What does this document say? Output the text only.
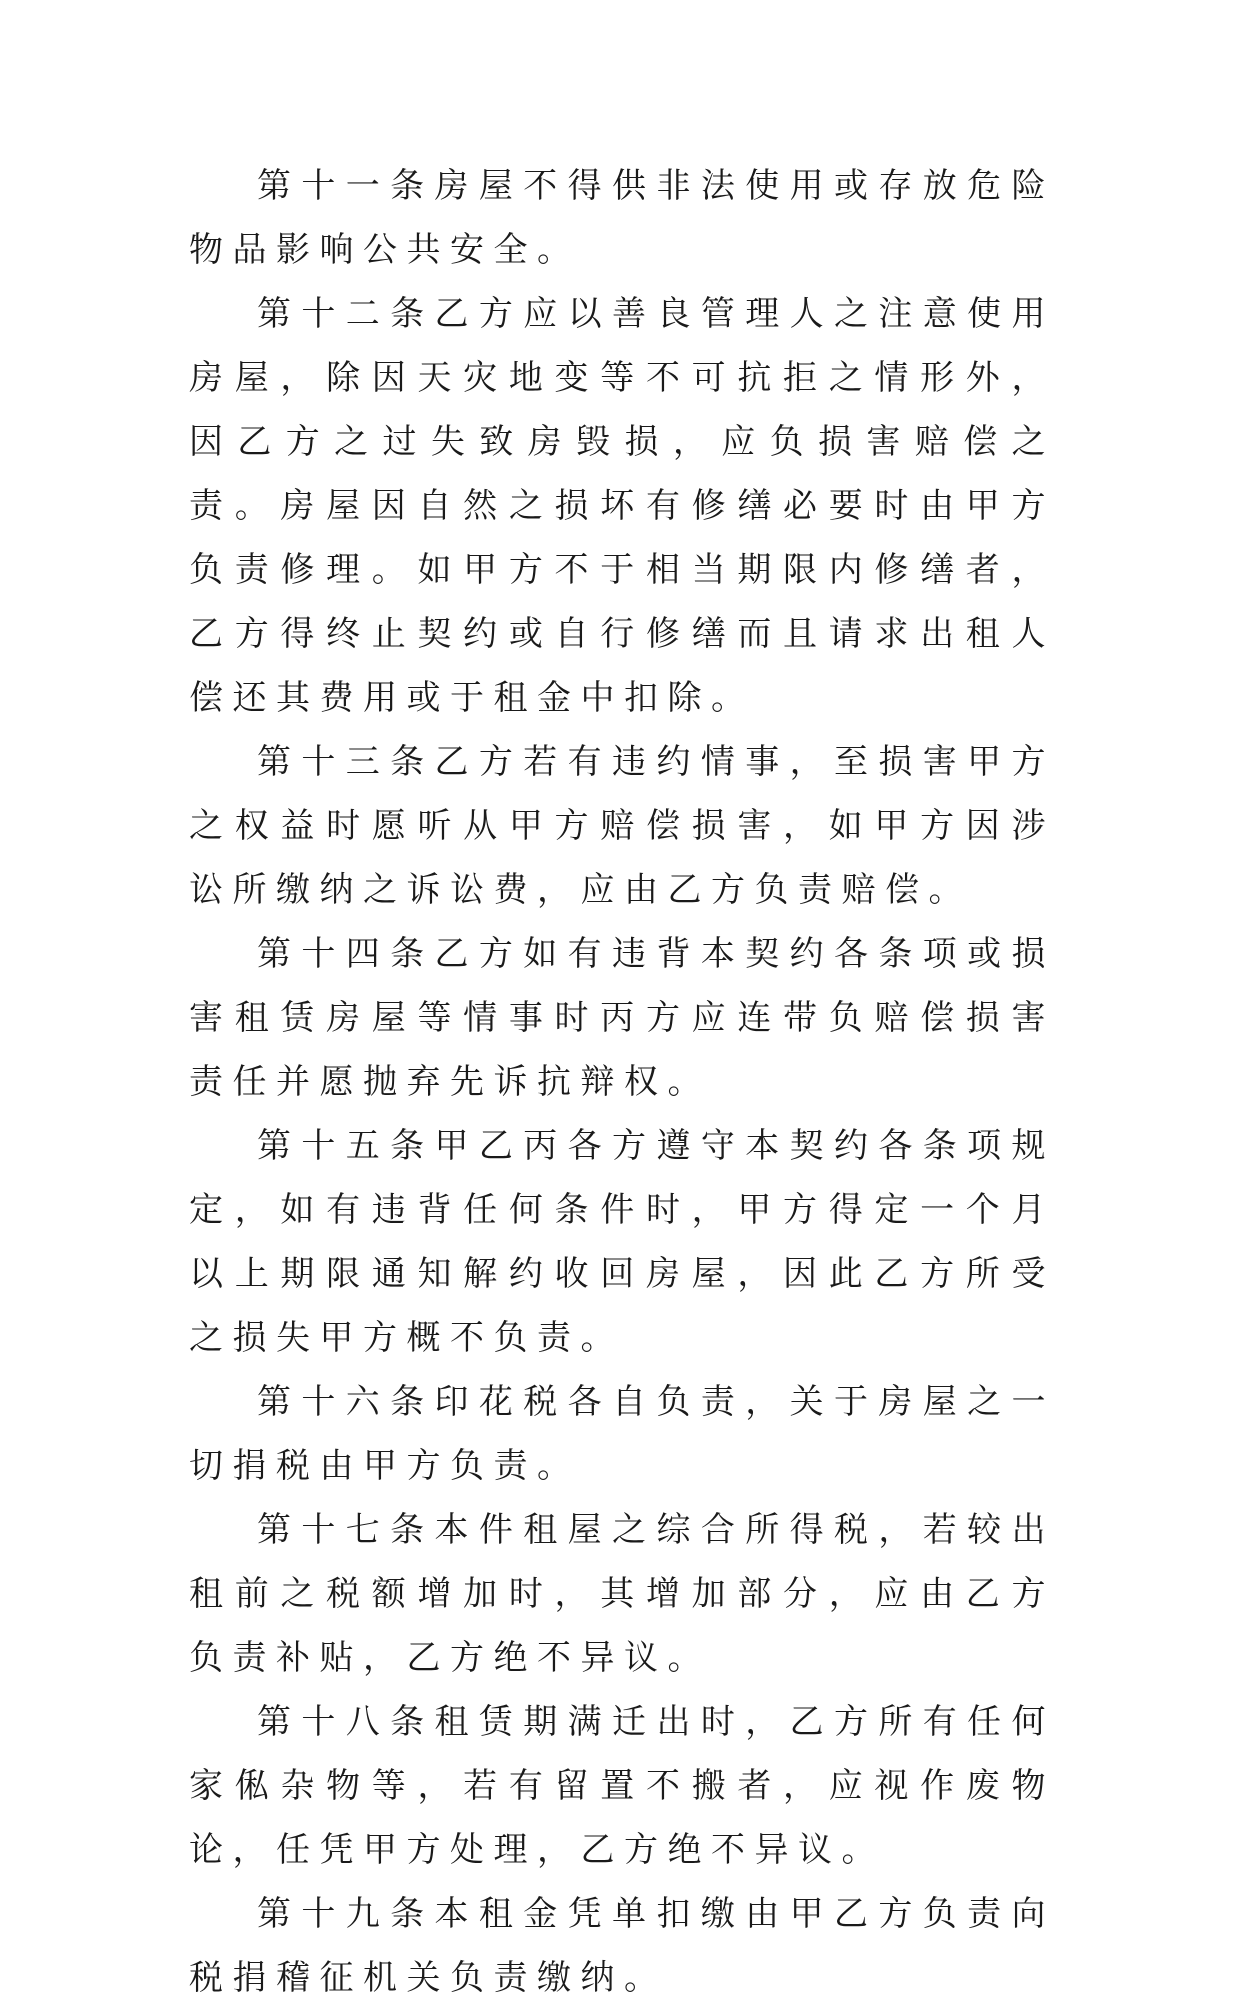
第十一条房屋不得供非法使用或存放危险物品影响公共安全。

第十二条乙方应以善良管理人之注意使用房屋，除因天灾地变等不可抗拒之情形外，因乙方之过失致房毁损，应负损害赔偿之责。房屋因自然之损坏有修缮必要时由甲方负责修理。如甲方不于相当期限内修缮者，乙方得终止契约或自行修缮而且请求出租人偿还其费用或于租金中扣除。

第十三条乙方若有违约情事，至损害甲方之权益时愿听从甲方赔偿损害，如甲方因涉讼所缴纳之诉讼费，应由乙方负责赔偿。

第十四条乙方如有违背本契约各条项或损害租赁房屋等情事时丙方应连带负赔偿损害责任并愿抛弃先诉抗辩权。

第十五条甲乙丙各方遵守本契约各条项规定，如有违背任何条件时，甲方得定一个月以上期限通知解约收回房屋，因此乙方所受之损失甲方概不负责。

第十六条印花税各自负责，关于房屋之一切捐税由甲方负责。

第十七条本件租屋之综合所得税，若较出租前之税额增加时，其增加部分，应由乙方负责补贴，乙方绝不异议。

第十八条租赁期满迁出时，乙方所有任何家俬杂物等，若有留置不搬者，应视作废物论，任凭甲方处理，乙方绝不异议。

第十九条本租金凭单扣缴由甲乙方负责向税捐稽征机关负责缴纳。
